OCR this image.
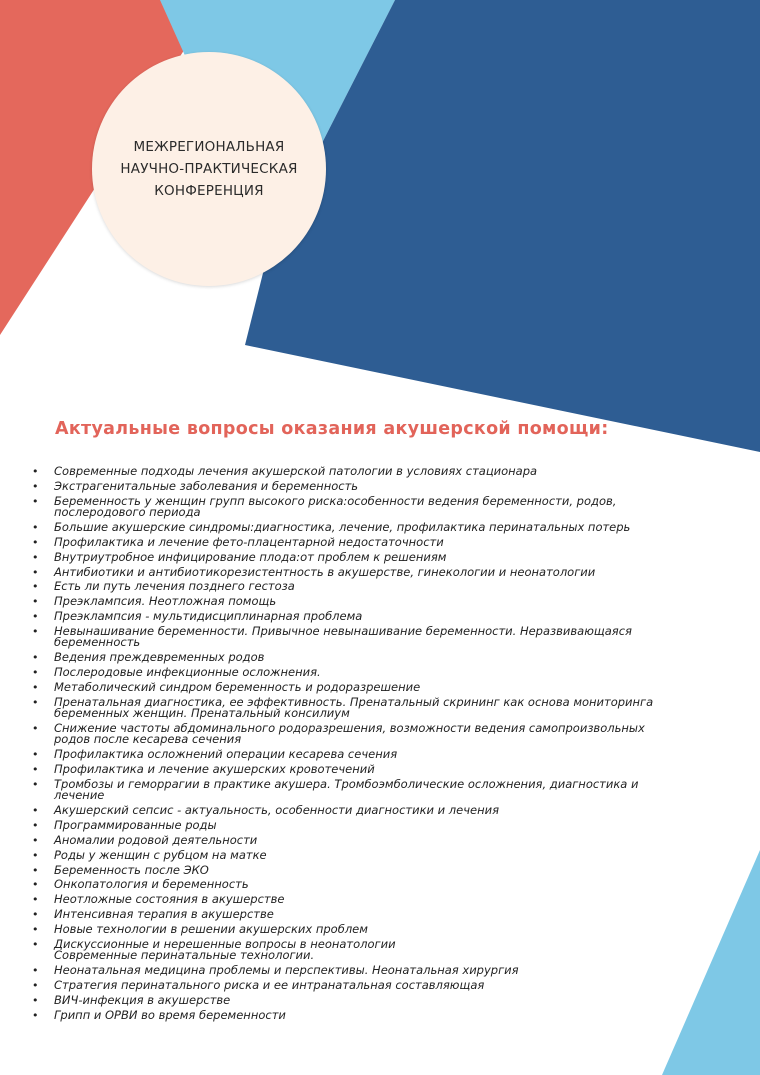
МЕЖРЕГИОНАЛЬНАЯ
НАУЧНО-ПРАКТИЧЕСКАЯ
КОНФЕРЕНЦИЯ
Актуальные вопросы оказания акушерской помощи:
• Современные подходы лечения акушерской патологии в условиях стационара
• Экстрагенитальные заболевания и беременность
• Беременность у женщин групп высокого риска:особенности ведения беременности, родов,
послеродового периода
• Большие акушерские синдромы:диагностика, лечение, профилактика перинатальных потерь
• Профилактика и лечение фето-плацентарной недостаточности
• Внутриутробное инфицирование плода:от проблем к решениям
• Антибиотики и антибиотикорезистентность в акушерстве, гинекологии и неонатологии
• Есть ли путь лечения позднего гестоза
• Преэклампсия. Неотложная помощь
• Преэклампсия - мультидисциплинарная проблема
• Невынашивание беременности. Привычное невынашивание беременности. Неразвивающаяся
беременность
• Ведения преждевременных родов
• Послеродовые инфекционные осложнения.
• Метаболический синдром беременность и родоразрешение
• Пренатальная диагностика, ее эффективность. Пренатальный скрининг как основа мониторинга
беременных женщин. Пренатальный консилиум
• Снижение частоты абдоминального родоразрешения, возможности ведения самопроизвольных
родов после кесарева сечения
• Профилактика осложнений операции кесарева сечения
• Профилактика и лечение акушерских кровотечений
• Тромбозы и геморрагии в практике акушера. Тромбоэмболические осложнения, диагностика и
лечение
• Акушерский сепсис - актуальность, особенности диагностики и лечения
• Программированные роды
• Аномалии родовой деятельности
• Роды у женщин с рубцом на матке
• Беременность после ЭКО
• Онкопатология и беременность
• Неотложные состояния в акушерстве
• Интенсивная терапия в акушерстве
• Новые технологии в решении акушерских проблем
• Дискуссионные и нерешенные вопросы в неонатологии
Современные перинатальные технологии.
• Неонатальная медицина проблемы и перспективы. Неонатальная хирургия
• Стратегия перинатального риска и ее интранатальная составляющая
• ВИЧ-инфекция в акушерстве
• Грипп и ОРВИ во время беременности
